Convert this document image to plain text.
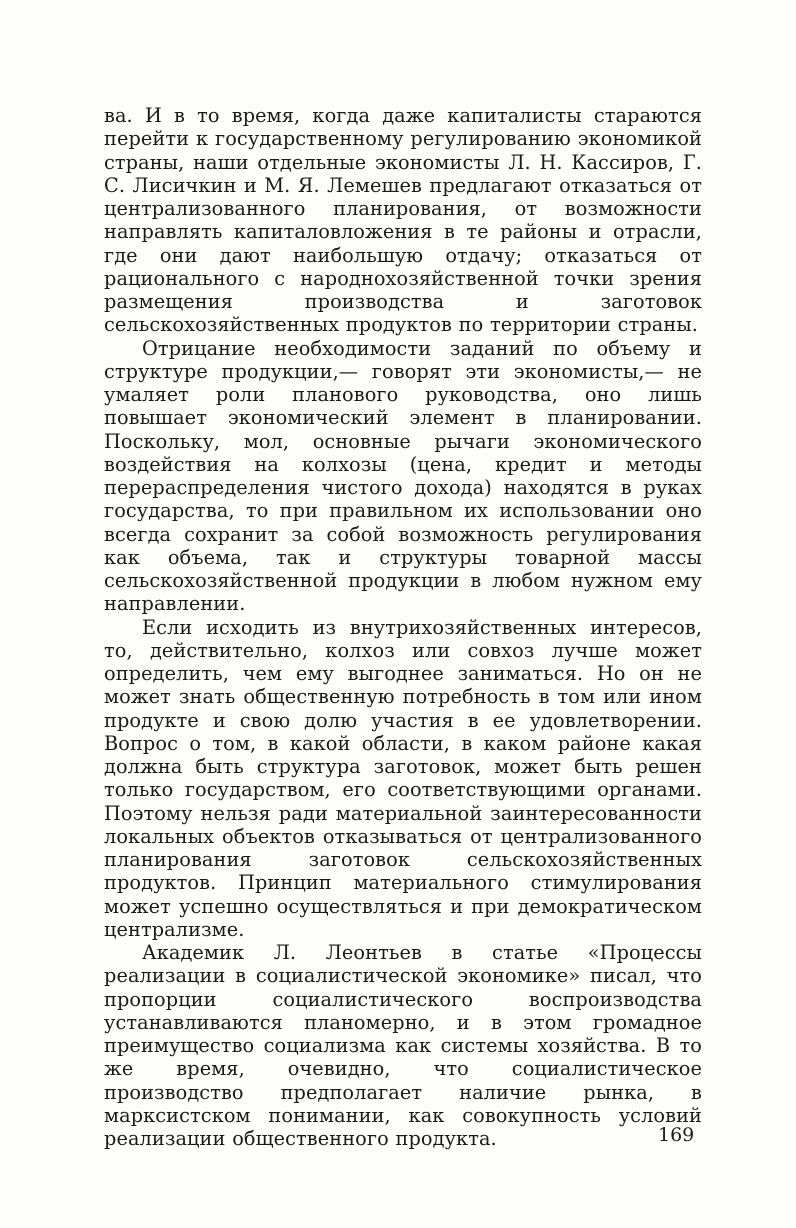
ва. И в то время, когда даже капиталисты стараются перейти к государственному регулированию экономикой страны, наши отдельные экономисты Л. Н. Кассиров, Г. С. Лисичкин и М. Я. Лемешев предлагают отказаться от централизованного планирования, от возможности направлять капиталовложения в те районы и отрасли, где они дают наибольшую отдачу; отказаться от рационального с народнохозяйственной точки зрения размещения производства и заготовок сельскохозяйственных продуктов по территории страны.

Отрицание необходимости заданий по объему и структуре продукции,— говорят эти экономисты,— не умаляет роли планового руководства, оно лишь повышает экономический элемент в планировании. Поскольку, мол, основные рычаги экономического воздействия на колхозы (цена, кредит и методы перераспределения чистого дохода) находятся в руках государства, то при правильном их использовании оно всегда сохранит за собой возможность регулирования как объема, так и структуры товарной массы сельскохозяйственной продукции в любом нужном ему направлении.

Если исходить из внутрихозяйственных интересов, то, действительно, колхоз или совхоз лучше может определить, чем ему выгоднее заниматься. Но он не может знать общественную потребность в том или ином продукте и свою долю участия в ее удовлетворении. Вопрос о том, в какой области, в каком районе какая должна быть структура заготовок, может быть решен только государством, его соответствующими органами. Поэтому нельзя ради материальной заинтересованности локальных объектов отказываться от централизованного планирования заготовок сельскохозяйственных продуктов. Принцип материального стимулирования может успешно осуществляться и при демократическом централизме.

Академик Л. Леонтьев в статье «Процессы реализации в социалистической экономике» писал, что пропорции социалистического воспроизводства устанавливаются планомерно, и в этом громадное преимущество социализма как системы хозяйства. В то же время, очевидно, что социалистическое производство предполагает наличие рынка, в марксистском понимании, как совокупность условий реализации общественного продукта.	169
